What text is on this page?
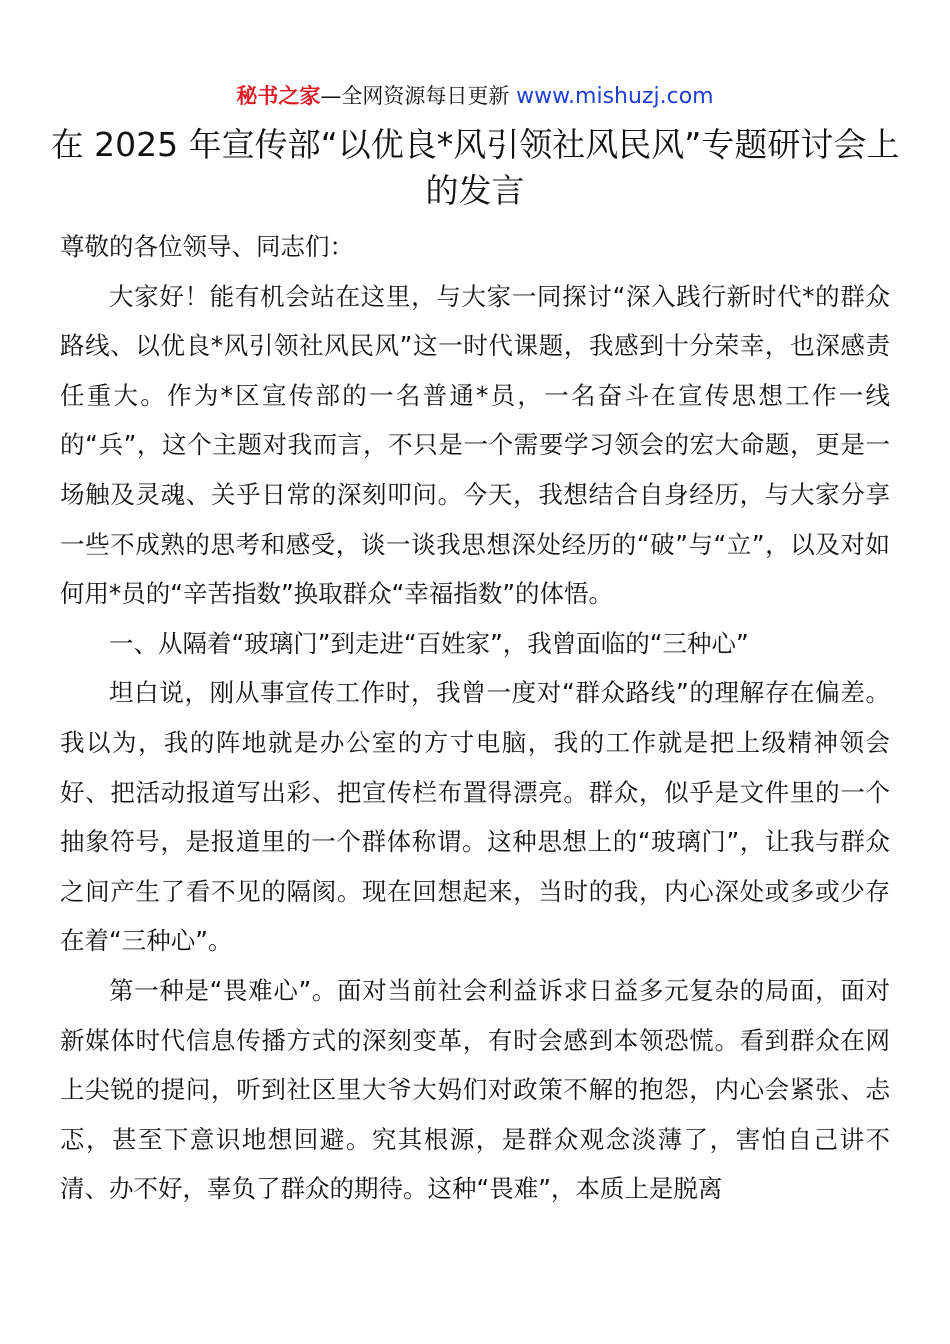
秘书之家—全网资源每日更新 www.mishuzj.com
在 2025 年宣传部“以优良*风引领社风民风”专题研讨会上的发言

尊敬的各位领导、同志们：

大家好！能有机会站在这里，与大家一同探讨“深入践行新时代*的群众路线、以优良*风引领社风民风”这一时代课题，我感到十分荣幸，也深感责任重大。作为*区宣传部的一名普通*员，一名奋斗在宣传思想工作一线的“兵”，这个主题对我而言，不只是一个需要学习领会的宏大命题，更是一场触及灵魂、关乎日常的深刻叩问。今天，我想结合自身经历，与大家分享一些不成熟的思考和感受，谈一谈我思想深处经历的“破”与“立”，以及对如何用*员的“辛苦指数”换取群众“幸福指数”的体悟。

一、从隔着“玻璃门”到走进“百姓家”，我曾面临的“三种心”

坦白说，刚从事宣传工作时，我曾一度对“群众路线”的理解存在偏差。我以为，我的阵地就是办公室的方寸电脑，我的工作就是把上级精神领会好、把活动报道写出彩、把宣传栏布置得漂亮。群众，似乎是文件里的一个抽象符号，是报道里的一个群体称谓。这种思想上的“玻璃门”，让我与群众之间产生了看不见的隔阂。现在回想起来，当时的我，内心深处或多或少存在着“三种心”。

第一种是“畏难心”。面对当前社会利益诉求日益多元复杂的局面，面对新媒体时代信息传播方式的深刻变革，有时会感到本领恐慌。看到群众在网上尖锐的提问，听到社区里大爷大妈们对政策不解的抱怨，内心会紧张、忐忑，甚至下意识地想回避。究其根源，是群众观念淡薄了，害怕自己讲不清、办不好，辜负了群众的期待。这种“畏难”，本质上是脱离
